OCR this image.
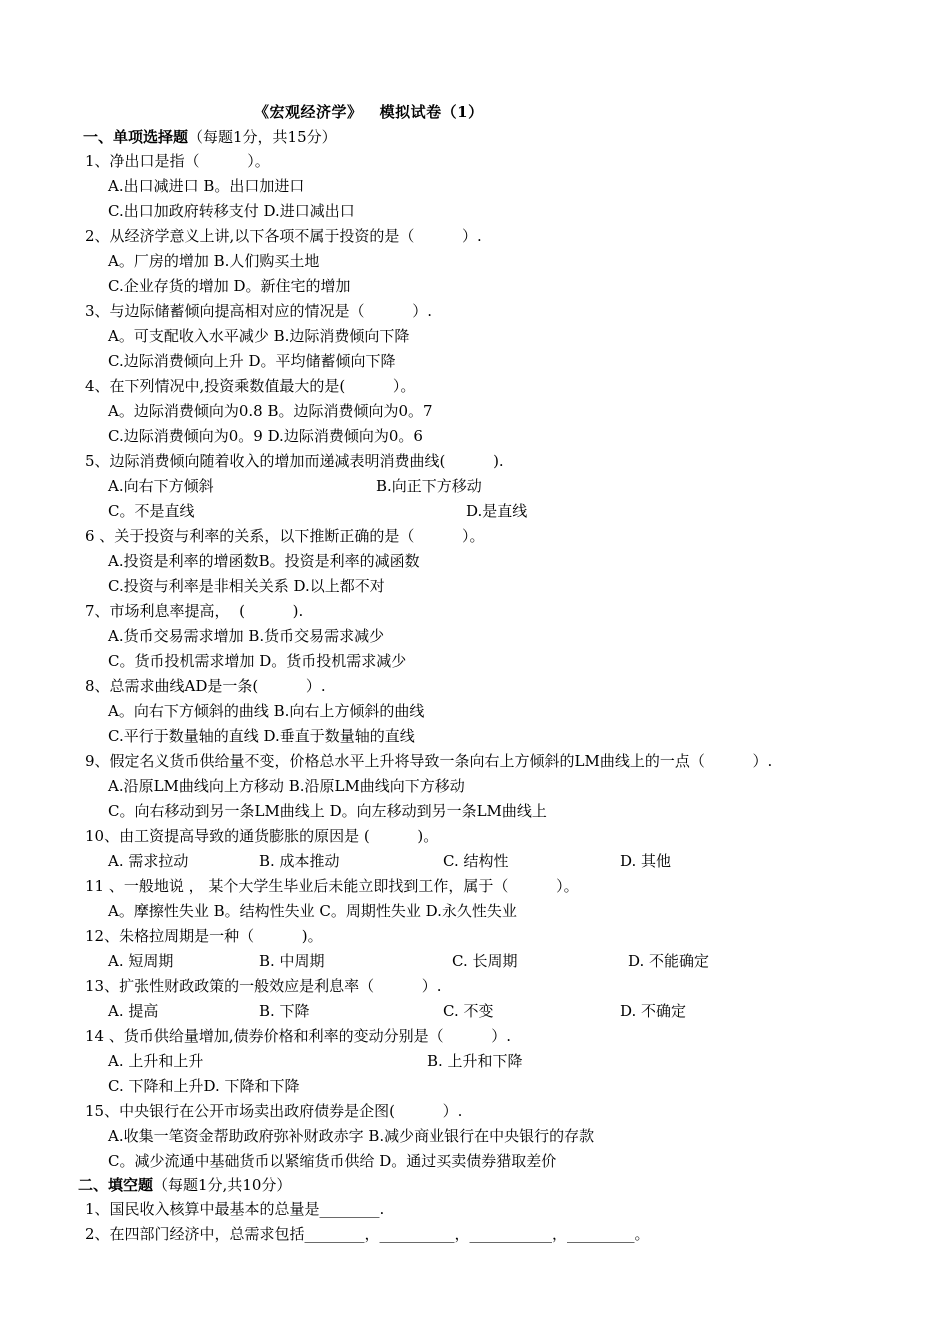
《宏观经济学》   模拟试卷（1）
一、单项选择题（每题1分，共15分）
1、净出口是指（          ）。
A.出口减进口 B。出口加进口
C.出口加政府转移支付 D.进口减出口
2、从经济学意义上讲,以下各项不属于投资的是（          ）.
A。厂房的增加 B.人们购买土地
C.企业存货的增加 D。新住宅的增加
3、与边际储蓄倾向提高相对应的情况是（          ）.
A。可支配收入水平减少 B.边际消费倾向下降
C.边际消费倾向上升 D。平均储蓄倾向下降
4、在下列情况中,投资乘数值最大的是(          ）。
A。边际消费倾向为0.8 B。边际消费倾向为0。7
C.边际消费倾向为0。9 D.边际消费倾向为0。6
5、边际消费倾向随着收入的增加而递减表明消费曲线(          ).
A.向右下方倾斜	B.向正下方移动
C。不是直线	D.是直线
6 、关于投资与利率的关系，以下推断正确的是（          ）。
A.投资是利率的增函数B。投资是利率的减函数
C.投资与利率是非相关关系 D.以上都不对
7、市场利息率提高，  (          ).
A.货币交易需求增加 B.货币交易需求减少
C。货币投机需求增加 D。货币投机需求减少
8、总需求曲线AD是一条(          ）.
A。向右下方倾斜的曲线 B.向右上方倾斜的曲线
C.平行于数量轴的直线 D.垂直于数量轴的直线
9、假定名义货币供给量不变，价格总水平上升将导致一条向右上方倾斜的LM曲线上的一点（          ）.
A.沿原LM曲线向上方移动 B.沿原LM曲线向下方移动
C。向右移动到另一条LM曲线上 D。向左移动到另一条LM曲线上
10、由工资提高导致的通货膨胀的原因是 (          )。
A. 需求拉动	B. 成本推动	C. 结构性	D. 其他
11 、一般地说 ， 某个大学生毕业后未能立即找到工作，属于（          ）。
A。摩擦性失业 B。结构性失业 C。周期性失业 D.永久性失业
12、朱格拉周期是一种（          )。
A. 短周期	B. 中周期	C. 长周期	D. 不能确定
13、扩张性财政政策的一般效应是利息率（          ）.
A. 提高	B. 下降	C. 不变	D. 不确定
14 、货币供给量增加,债券价格和利率的变动分别是（          ）.
A. 上升和上升	B. 上升和下降
C. 下降和上升D. 下降和下降
15、中央银行在公开市场卖出政府债券是企图(          ）.
A.收集一笔资金帮助政府弥补财政赤字 B.减少商业银行在中央银行的存款
C。减少流通中基础货币以紧缩货币供给 D。通过买卖债券猎取差价
二、填空题（每题1分,共10分）
1、国民收入核算中最基本的总量是________.
2、在四部门经济中，总需求包括________，__________，___________，_________。
